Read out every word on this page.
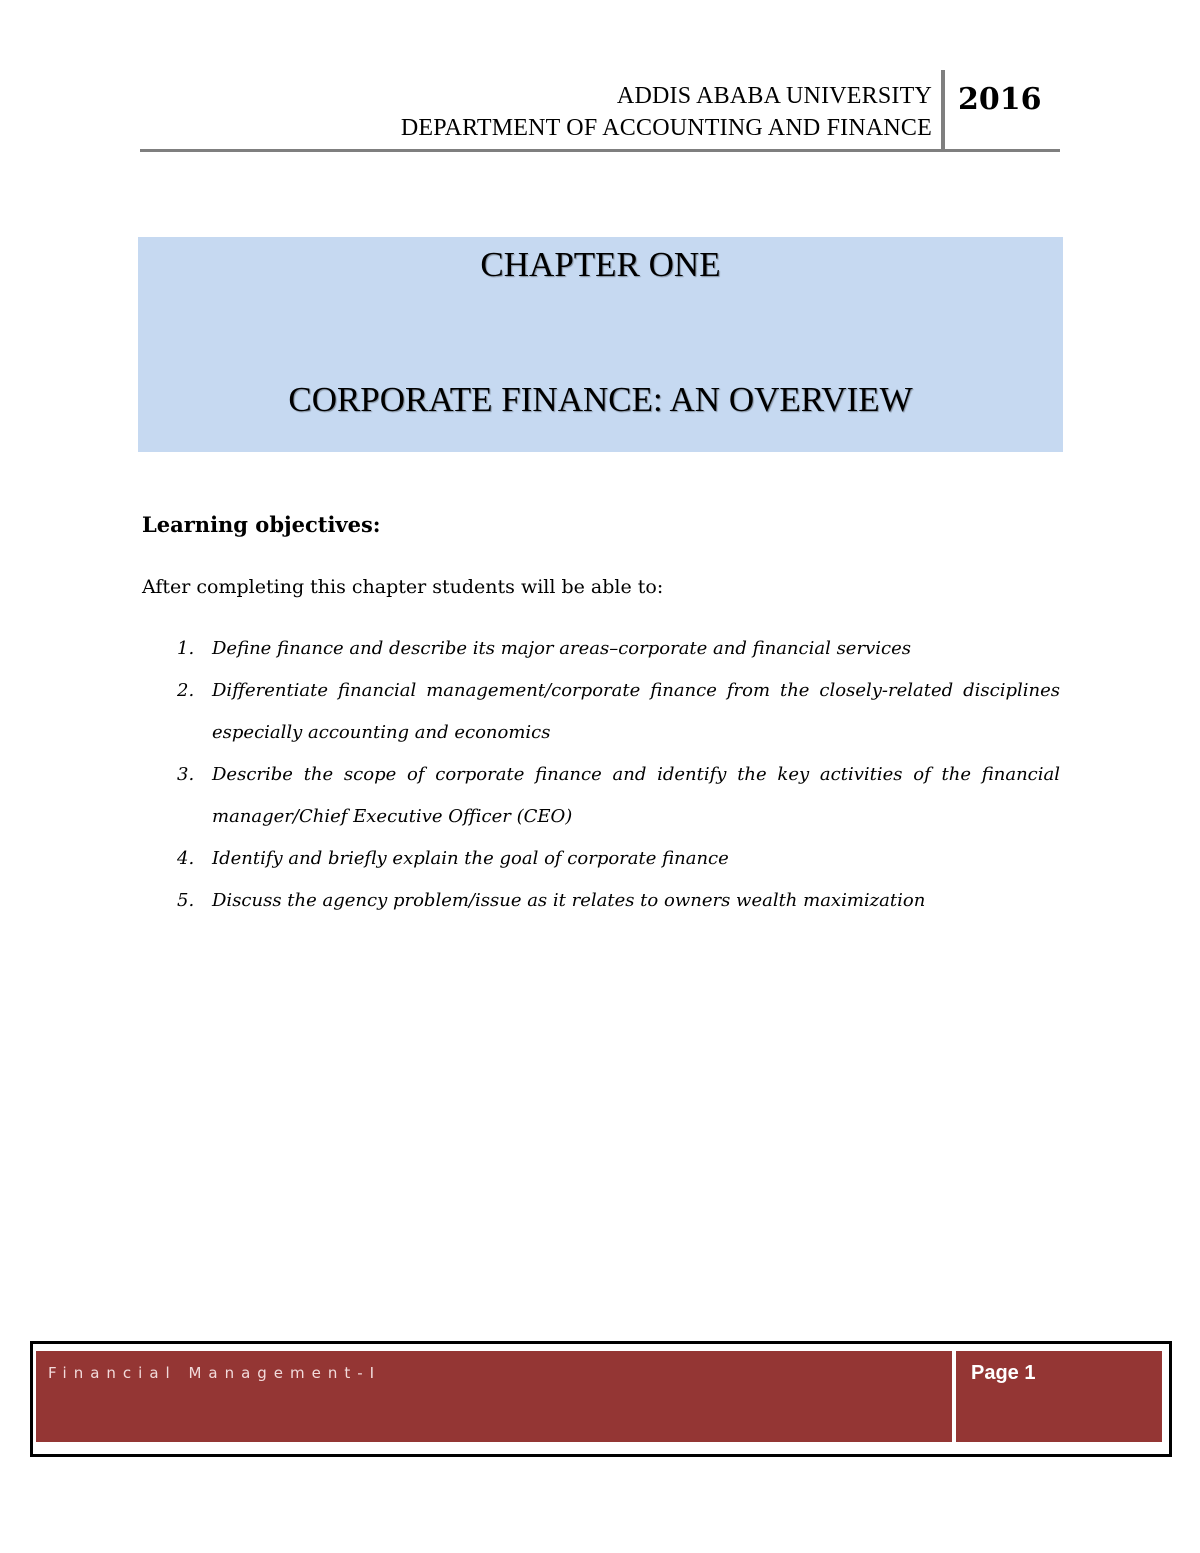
ADDIS ABABA UNIVERSITY
DEPARTMENT OF ACCOUNTING AND FINANCE
2016
CHAPTER ONE
CORPORATE FINANCE: AN OVERVIEW
Learning objectives:
After completing this chapter students will be able to:
1. Define finance and describe its major areas–corporate and financial services
2. Differentiate financial management/corporate finance from the closely-related disciplines especially accounting and economics
3. Describe the scope of corporate finance and identify the key activities of the financial manager/Chief Executive Officer (CEO)
4. Identify and briefly explain the goal of corporate finance
5. Discuss the agency problem/issue as it relates to owners wealth maximization
Financial Management-I	Page 1
